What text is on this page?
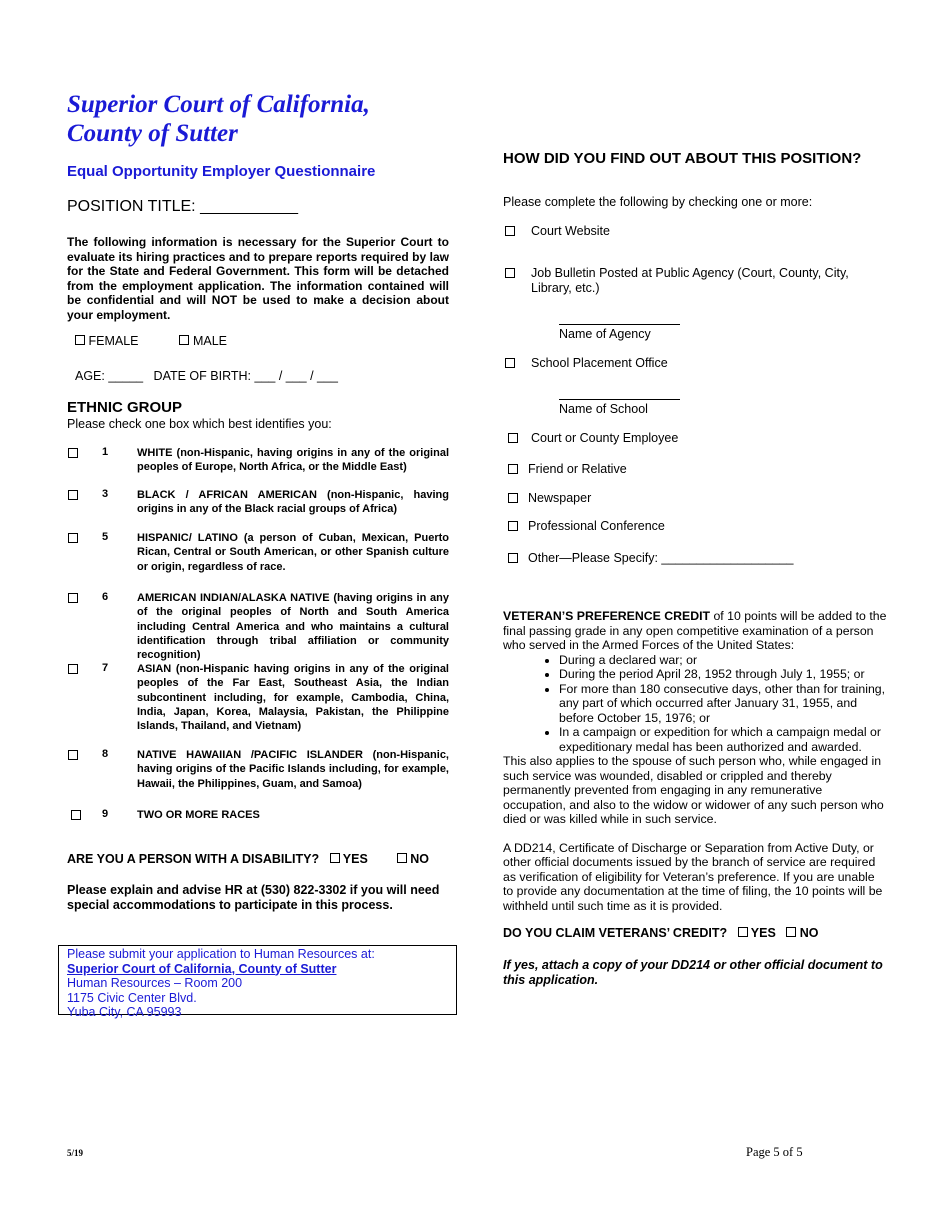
Superior Court of California,
County of Sutter
Equal Opportunity Employer Questionnaire
POSITION TITLE: ___________
The following information is necessary for the Superior Court to evaluate its hiring practices and to prepare reports required by law for the State and Federal Government. This form will be detached from the employment application. The information contained will be confidential and will NOT be used to make a decision about your employment.
FEMALE	MALE
AGE: _____ DATE OF BIRTH: ___ / ___ / ___
ETHNIC GROUP
Please check one box which best identifies you:
1	WHITE (non-Hispanic, having origins in any of the original peoples of Europe, North Africa, or the Middle East)
3	BLACK / AFRICAN AMERICAN (non-Hispanic, having origins in any of the Black racial groups of Africa)
5	HISPANIC/ LATINO (a person of Cuban, Mexican, Puerto Rican, Central or South American, or other Spanish culture or origin, regardless of race.
6	AMERICAN INDIAN/ALASKA NATIVE (having origins in any of the original peoples of North and South America including Central America and who maintains a cultural identification through tribal affiliation or community recognition)
7	ASIAN (non-Hispanic having origins in any of the original peoples of the Far East, Southeast Asia, the Indian subcontinent including, for example, Cambodia, China, India, Japan, Korea, Malaysia, Pakistan, the Philippine Islands, Thailand, and Vietnam)
8	NATIVE HAWAIIAN /PACIFIC ISLANDER (non-Hispanic, having origins of the Pacific Islands including, for example, Hawaii, the Philippines, Guam, and Samoa)
9	TWO OR MORE RACES
ARE YOU A PERSON WITH A DISABILITY? YES	NO
Please explain and advise HR at (530) 822-3302 if you will need special accommodations to participate in this process.
Please submit your application to Human Resources at:
Superior Court of California, County of Sutter
Human Resources – Room 200
1175 Civic Center Blvd.
Yuba City, CA 95993
HOW DID YOU FIND OUT ABOUT THIS POSITION?
Please complete the following by checking one or more:
Court Website
Job Bulletin Posted at Public Agency (Court, County, City, Library, etc.)
Name of Agency
School Placement Office
Name of School
Court or County Employee
Friend or Relative
Newspaper
Professional Conference
Other—Please Specify: ___________________
VETERAN’S PREFERENCE CREDIT of 10 points will be added to the final passing grade in any open competitive examination of a person who served in the Armed Forces of the United States:
• During a declared war; or
• During the period April 28, 1952 through July 1, 1955; or
• For more than 180 consecutive days, other than for training, any part of which occurred after January 31, 1955, and before October 15, 1976; or
• In a campaign or expedition for which a campaign medal or expeditionary medal has been authorized and awarded.
This also applies to the spouse of such person who, while engaged in such service was wounded, disabled or crippled and thereby permanently prevented from engaging in any remunerative occupation, and also to the widow or widower of any such person who died or was killed while in such service.
A DD214, Certificate of Discharge or Separation from Active Duty, or other official documents issued by the branch of service are required as verification of eligibility for Veteran’s preference. If you are unable to provide any documentation at the time of filing, the 10 points will be withheld until such time as it is provided.
DO YOU CLAIM VETERANS’ CREDIT? YES NO
If yes, attach a copy of your DD214 or other official document to this application.
5/19	Page 5 of 5
